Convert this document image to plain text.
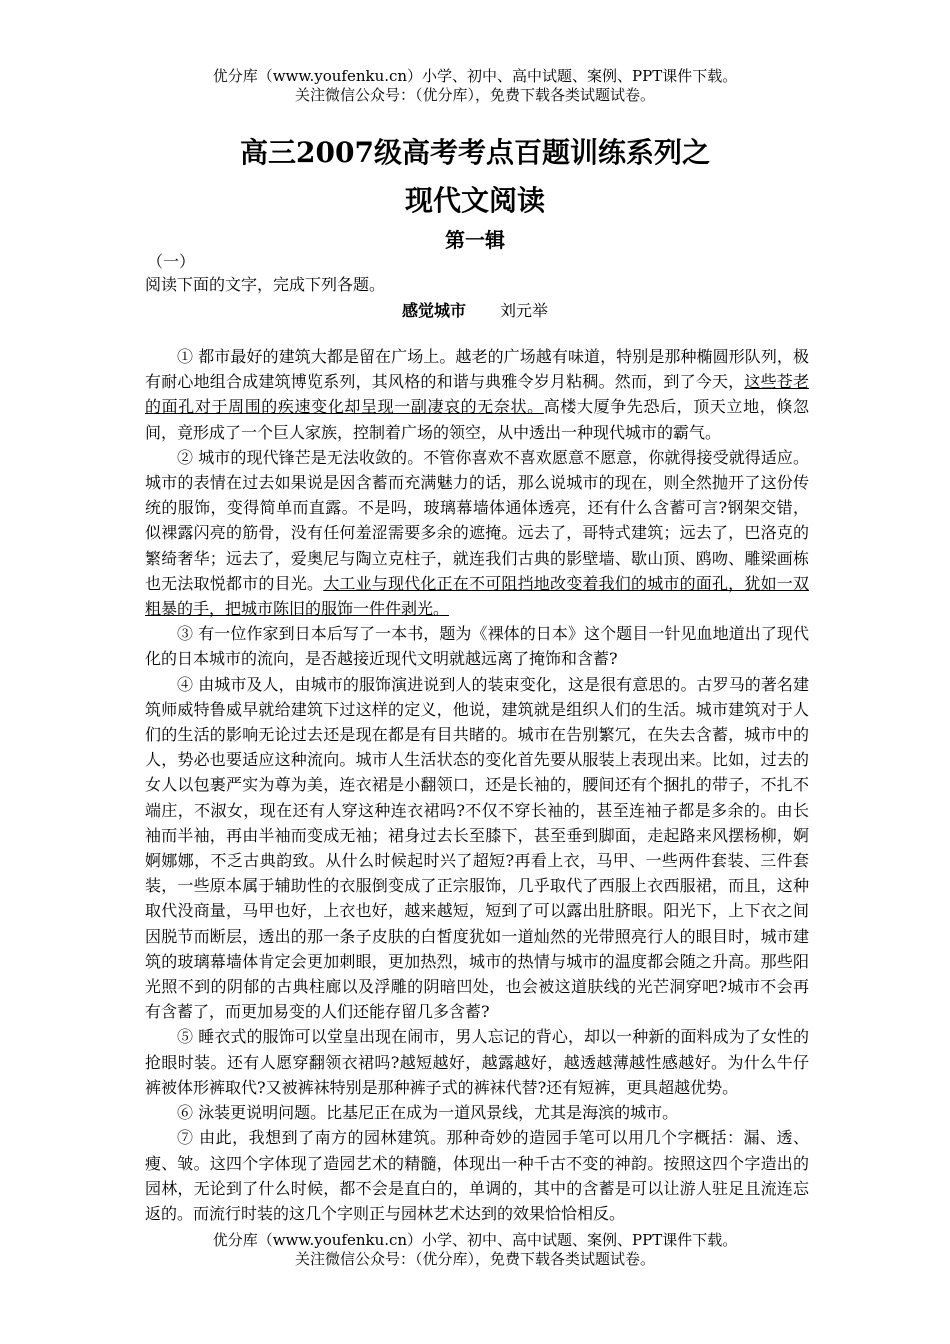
优分库（www.youfenku.cn）小学、初中、高中试题、案例、PPT课件下载。
关注微信公众号：（优分库），免费下载各类试题试卷。
高三2007级高考考点百题训练系列之
现代文阅读
第一辑
（一）
阅读下面的文字，完成下列各题。
感觉城市 刘元举

① 都市最好的建筑大都是留在广场上。越老的广场越有味道，特别是那种椭圆形队列，极有耐心地组合成建筑博览系列，其风格的和谐与典雅令岁月粘稠。然而，到了今天，这些苍老的面孔对于周围的疾速变化却呈现一副凄哀的无奈状。高楼大厦争先恐后，顶天立地，倏忽间，竟形成了一个巨人家族，控制着广场的领空，从中透出一种现代城市的霸气。

② 城市的现代锋芒是无法收敛的。不管你喜欢不喜欢愿意不愿意，你就得接受就得适应。城市的表情在过去如果说是因含蓄而充满魅力的话，那么说城市的现在，则全然抛开了这份传统的服饰，变得简单而直露。不是吗，玻璃幕墙体通体透亮，还有什么含蓄可言?钢架交错，似裸露闪亮的筋骨，没有任何羞涩需要多余的遮掩。远去了，哥特式建筑；远去了，巴洛克的繁绮奢华；远去了，爱奥尼与陶立克柱子，就连我们古典的影壁墙、歇山顶、鸥吻、雕梁画栋也无法取悦都市的目光。大工业与现代化正在不可阻挡地改变着我们的城市的面孔，犹如一双粗暴的手，把城市陈旧的服饰一件件剥光。

③ 有一位作家到日本后写了一本书，题为《裸体的日本》这个题目一针见血地道出了现代化的日本城市的流向，是否越接近现代文明就越远离了掩饰和含蓄?

④ 由城市及人，由城市的服饰演进说到人的装束变化，这是很有意思的。古罗马的著名建筑师威特鲁威早就给建筑下过这样的定义，他说，建筑就是组织人们的生活。城市建筑对于人们的生活的影响无论过去还是现在都是有目共睹的。城市在告别繁冗，在失去含蓄，城市中的人，势必也要适应这种流向。城市人生活状态的变化首先要从服装上表现出来。比如，过去的女人以包裹严实为尊为美，连衣裙是小翻领口，还是长袖的，腰间还有个捆扎的带子，不扎不端庄，不淑女，现在还有人穿这种连衣裙吗?不仅不穿长袖的，甚至连袖子都是多余的。由长袖而半袖，再由半袖而变成无袖；裙身过去长至膝下，甚至垂到脚面，走起路来风摆杨柳，婀婀娜娜，不乏古典韵致。从什么时候起时兴了超短?再看上衣，马甲、一些两件套装、三件套装，一些原本属于辅助性的衣服倒变成了正宗服饰，几乎取代了西服上衣西服裙，而且，这种取代没商量，马甲也好，上衣也好，越来越短，短到了可以露出肚脐眼。阳光下，上下衣之间因脱节而断层，透出的那一条子皮肤的白皙度犹如一道灿然的光带照亮行人的眼目时，城市建筑的玻璃幕墙体肯定会更加刺眼，更加热烈，城市的热情与城市的温度都会随之升高。那些阳光照不到的阴郁的古典柱廊以及浮雕的阴暗凹处，也会被这道肤线的光芒洞穿吧?城市不会再有含蓄了，而更加易变的人们还能存留几多含蓄?

⑤ 睡衣式的服饰可以堂皇出现在闹市，男人忘记的背心，却以一种新的面料成为了女性的抢眼时装。还有人愿穿翻领衣裙吗?越短越好，越露越好，越透越薄越性感越好。为什么牛仔裤被体形裤取代?又被裤袜特别是那种裤子式的裤袜代替?还有短裤，更具超越优势。

⑥ 泳装更说明问题。比基尼正在成为一道风景线，尤其是海滨的城市。

⑦ 由此，我想到了南方的园林建筑。那种奇妙的造园手笔可以用几个字概括：漏、透、瘦、皱。这四个字体现了造园艺术的精髓，体现出一种千古不变的神韵。按照这四个字造出的园林，无论到了什么时候，都不会是直白的，单调的，其中的含蓄是可以让游人驻足且流连忘返的。而流行时装的这几个字则正与园林艺术达到的效果恰恰相反。

优分库（www.youfenku.cn）小学、初中、高中试题、案例、PPT课件下载。
关注微信公众号：（优分库），免费下载各类试题试卷。
